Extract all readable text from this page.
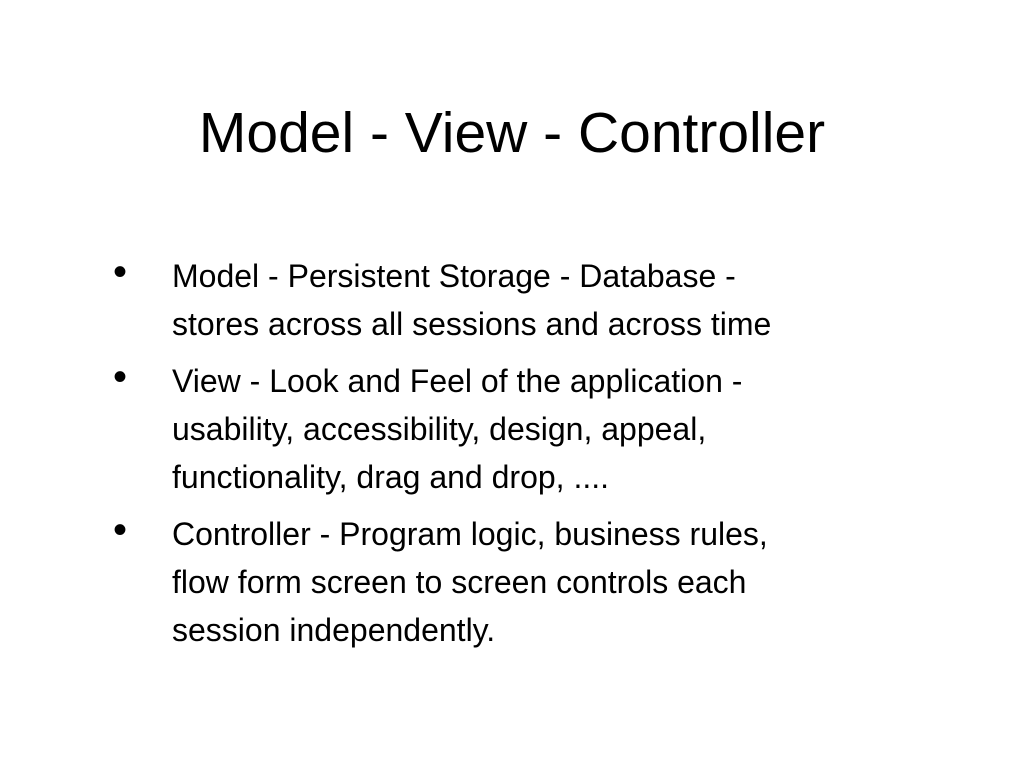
Model - View - Controller
• Model - Persistent Storage - Database -
stores across all sessions and across time
• View - Look and Feel of the application -
usability, accessibility, design, appeal,
functionality, drag and drop, ....
• Controller - Program logic, business rules,
flow form screen to screen controls each
session independently.
